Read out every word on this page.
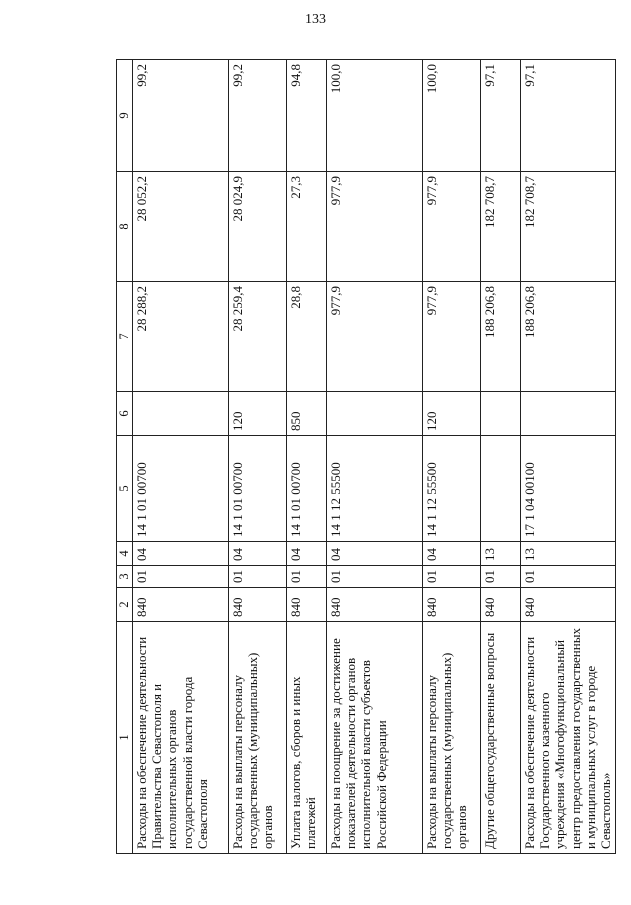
133
1	2	3	4	5	6	7	8	9
Расходы на обеспечение деятельности Правительства Севастополя и исполнительных органов государственной власти города Севастополя	840	01	04	14 1 01 00700		28 288,2	28 052,2	99,2
Расходы на выплаты персоналу государственных (муниципальных) органов	840	01	04	14 1 01 00700	120	28 259,4	28 024,9	99,2
Уплата налогов, сборов и иных платежей	840	01	04	14 1 01 00700	850	28,8	27,3	94,8
Расходы на поощрение за достижение показателей деятельности органов исполнительной власти субъектов Российской Федерации	840	01	04	14 1 12 55500		977,9	977,9	100,0
Расходы на выплаты персоналу государственных (муниципальных) органов	840	01	04	14 1 12 55500	120	977,9	977,9	100,0
Другие общегосударственные вопросы	840	01	13			188 206,8	182 708,7	97,1
Расходы на обеспечение деятельности Государственного казенного учреждения «Многофункциональный центр предоставления государственных и муниципальных услуг в городе Севастополь»	840	01	13	17 1 04 00100		188 206,8	182 708,7	97,1
